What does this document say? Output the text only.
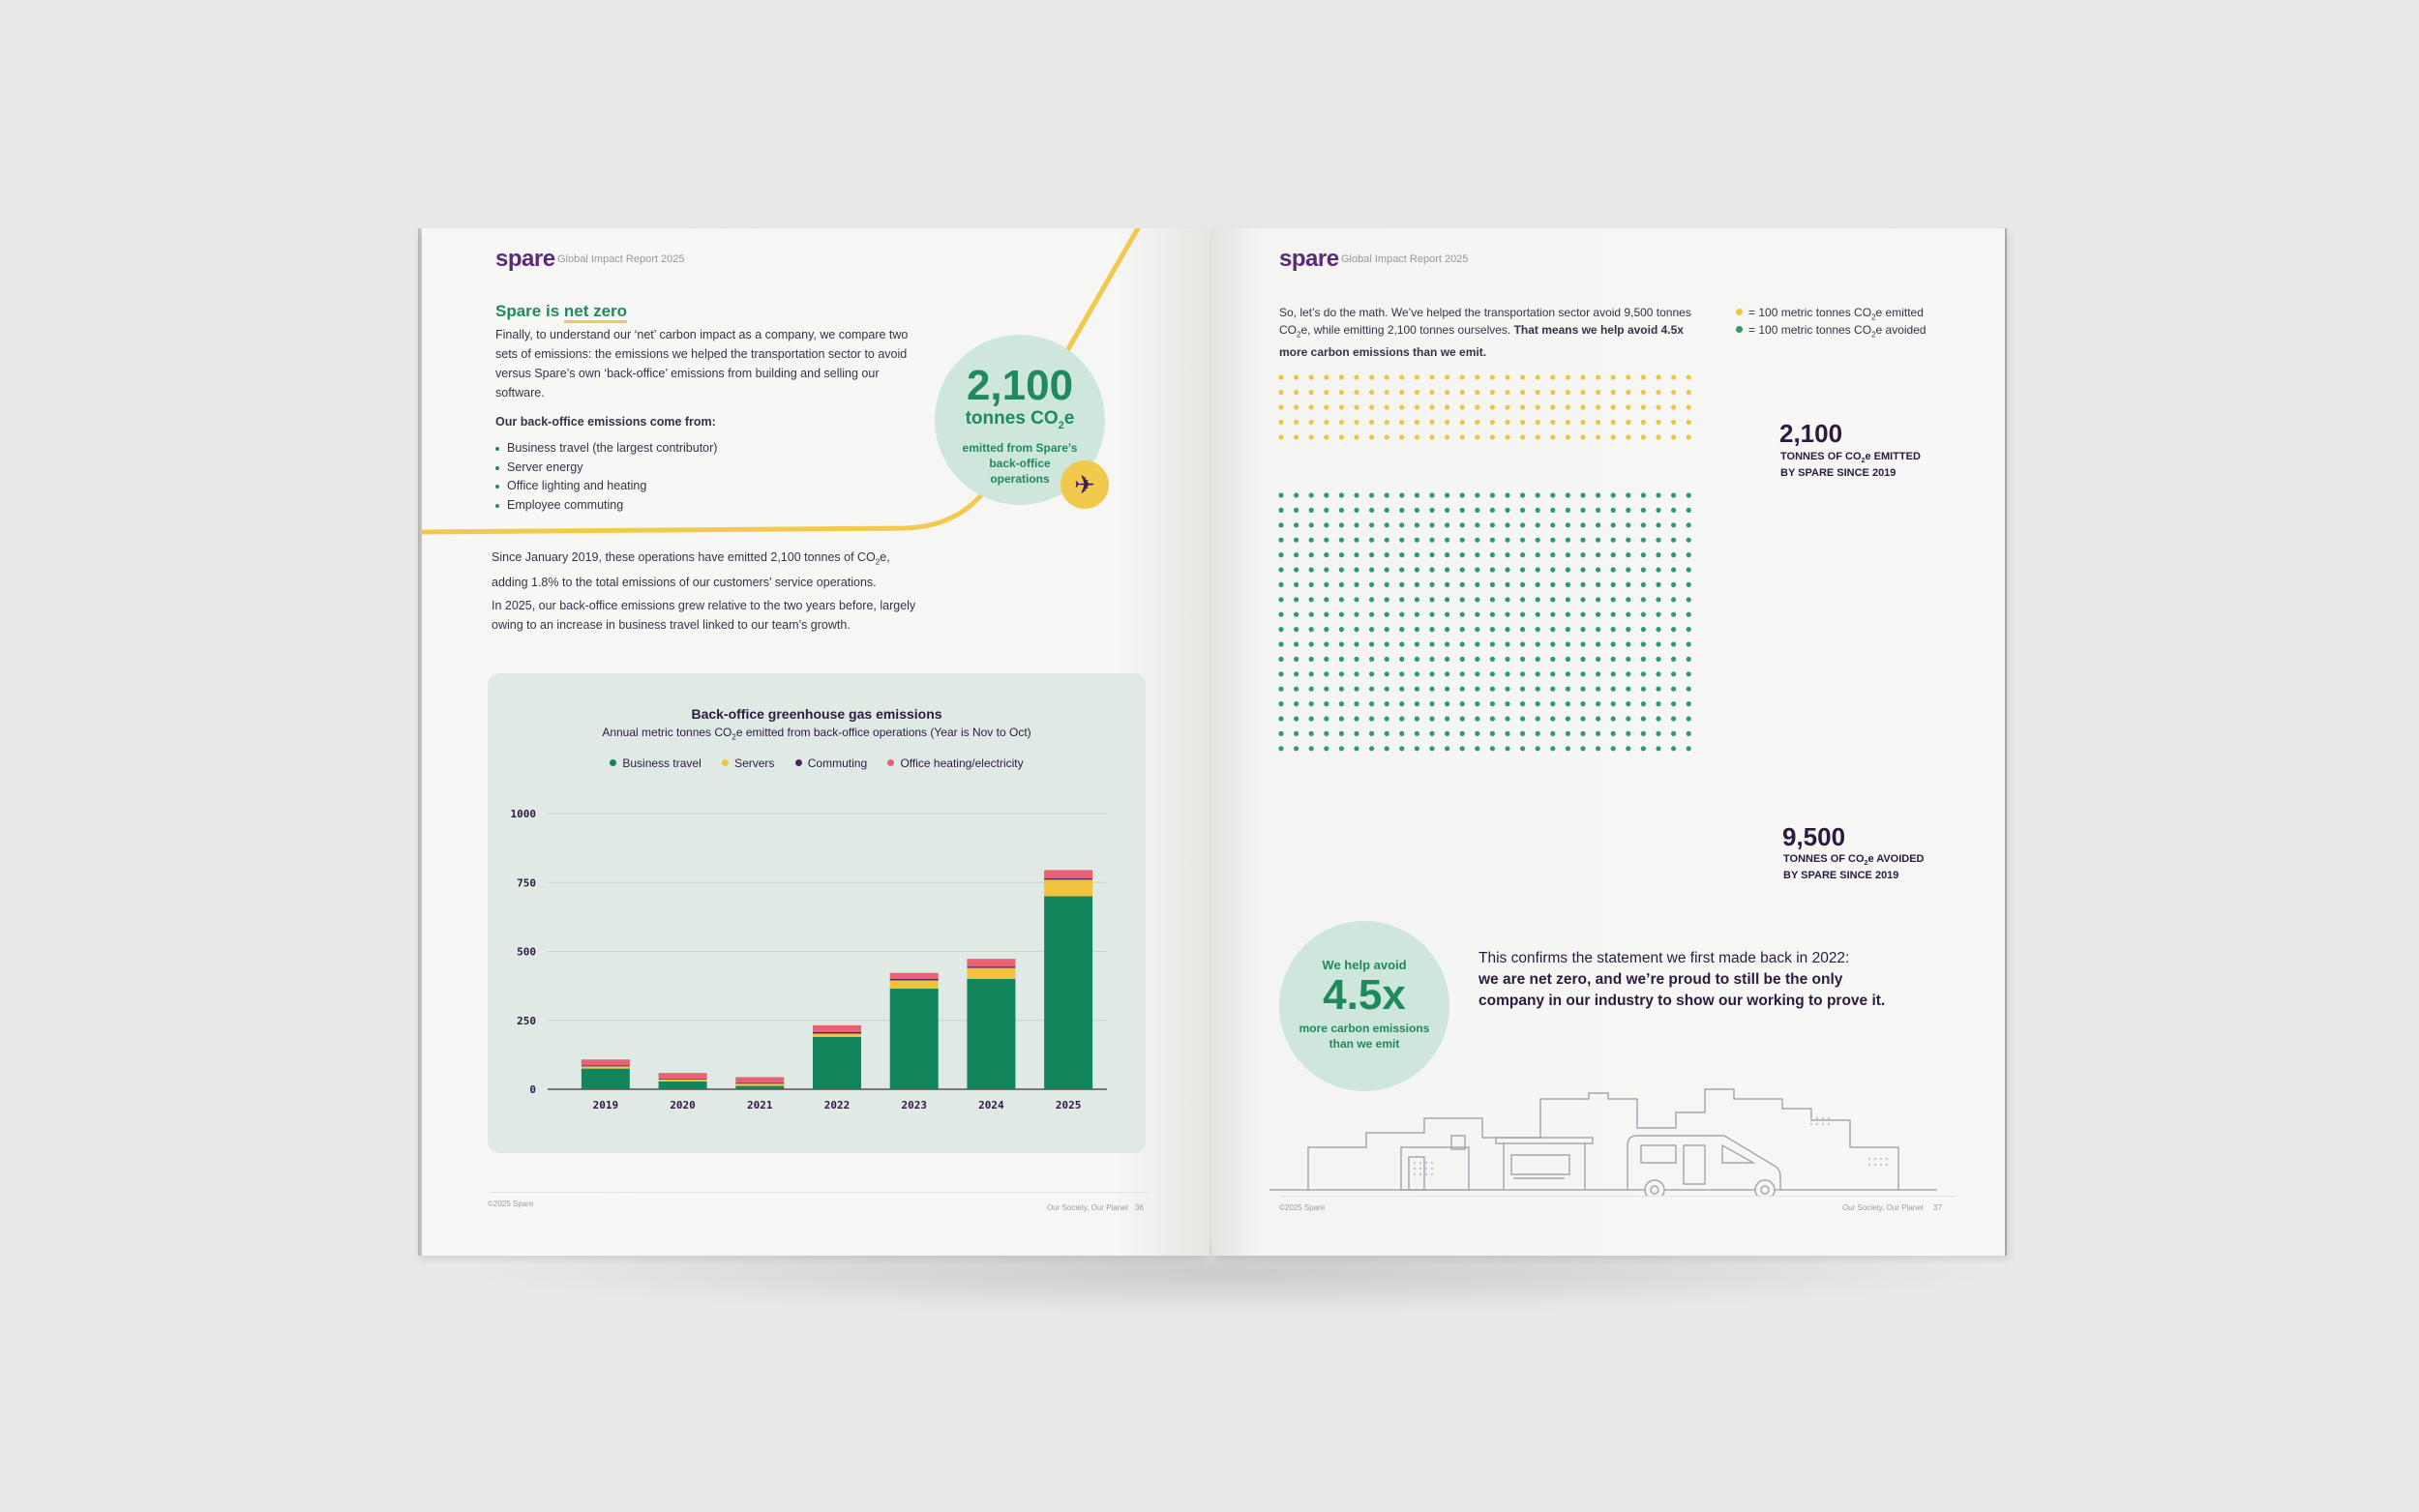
spare Global Impact Report 2025
Spare is net zero
Finally, to understand our ‘net’ carbon impact as a company, we compare two sets of emissions: the emissions we helped the transportation sector to avoid versus Spare’s own ‘back-office’ emissions from building and selling our software.
Our back-office emissions come from:
Business travel (the largest contributor)
Server energy
Office lighting and heating
Employee commuting
2,100
tonnes $CO_2e$
emitted from Spare’s back-office operations ✈
Since January 2019, these operations have emitted 2,100 tonnes of $CO_2e$, adding 1.8% to the total emissions of our customers’ service operations.
In 2025, our back-office emissions grew relative to the two years before, largely owing to an increase in business travel linked to our team’s growth.
Back-office greenhouse gas emissions
Annual metric tonnes $CO_2e$ emitted from back-office operations (Year is Nov to Oct)
Business travel	Servers	Commuting	Office heating/electricity
1000
750
500
250
0
2019	2020	2021	2022	2023	2024	2025
©2025 Spare	Our Society, Our Planet 36
spare Global Impact Report 2025
So, let’s do the math. We’ve helped the transportation sector avoid 9,500 tonnes $CO_2e$, while emitting 2,100 tonnes ourselves. That means we help avoid 4.5x more carbon emissions than we emit.
= 100 metric tonnes $CO_2e$ emitted
= 100 metric tonnes $CO_2e$ avoided
2,100
TONNES OF $CO_2e$ EMITTED
BY SPARE SINCE 2019
9,500
TONNES OF $CO_2e$ AVOIDED
BY SPARE SINCE 2019
We help avoid
4.5x
more carbon emissions than we emit
This confirms the statement we first made back in 2022:
we are net zero, and we’re proud to still be the only company in our industry to show our working to prove it.
©2025 Spare	Our Society, Our Planet 37
